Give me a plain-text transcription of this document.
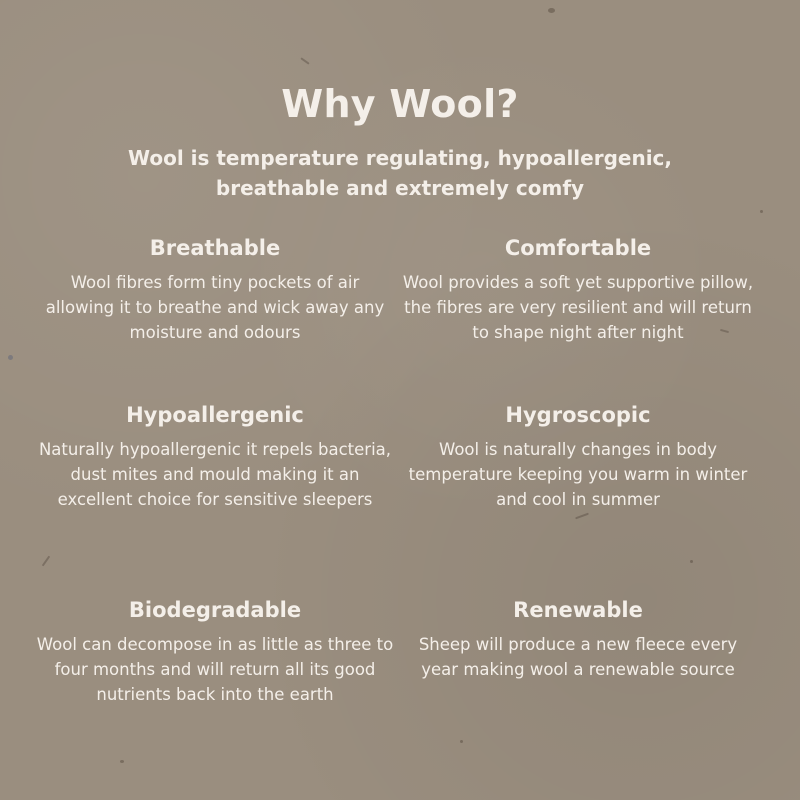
Why Wool?

Wool is temperature regulating, hypoallergenic, breathable and extremely comfy

Breathable

Wool fibres form tiny pockets of air allowing it to breathe and wick away any moisture and odours

Comfortable

Wool provides a soft yet supportive pillow, the fibres are very resilient and will return to shape night after night

Hypoallergenic

Naturally hypoallergenic it repels bacteria, dust mites and mould making it an excellent choice for sensitive sleepers

Hygroscopic

Wool is naturally changes in body temperature keeping you warm in winter and cool in summer

Biodegradable

Wool can decompose in as little as three to four months and will return all its good nutrients back into the earth

Renewable

Sheep will produce a new fleece every year making wool a renewable source
